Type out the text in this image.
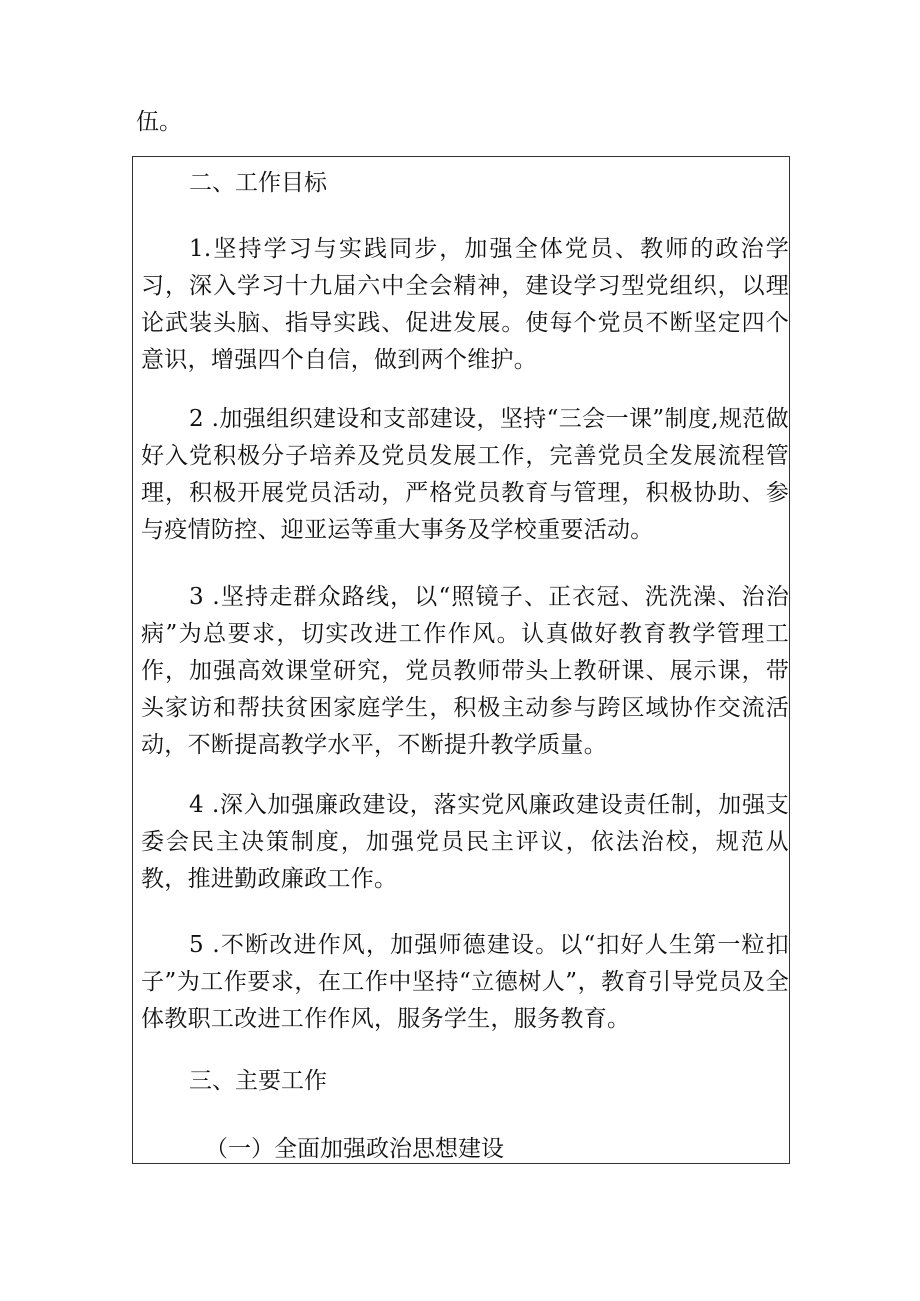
伍。
二、工作目标

1.坚持学习与实践同步，加强全体党员、教师的政治学习，深入学习十九届六中全会精神，建设学习型党组织，以理论武装头脑、指导实践、促进发展。使每个党员不断坚定四个意识，增强四个自信，做到两个维护。

2 .加强组织建设和支部建设，坚持“三会一课”制度,规范做好入党积极分子培养及党员发展工作，完善党员全发展流程管理，积极开展党员活动，严格党员教育与管理，积极协助、参与疫情防控、迎亚运等重大事务及学校重要活动。

3 .坚持走群众路线，以“照镜子、正衣冠、洗洗澡、治治病”为总要求，切实改进工作作风。认真做好教育教学管理工作，加强高效课堂研究，党员教师带头上教研课、展示课，带头家访和帮扶贫困家庭学生，积极主动参与跨区域协作交流活动，不断提高教学水平，不断提升教学质量。

4 .深入加强廉政建设，落实党风廉政建设责任制，加强支委会民主决策制度，加强党员民主评议，依法治校，规范从教，推进勤政廉政工作。

5 .不断改进作风，加强师德建设。以“扣好人生第一粒扣子”为工作要求，在工作中坚持“立德树人”，教育引导党员及全体教职工改进工作作风，服务学生，服务教育。

三、主要工作
（一）全面加强政治思想建设
